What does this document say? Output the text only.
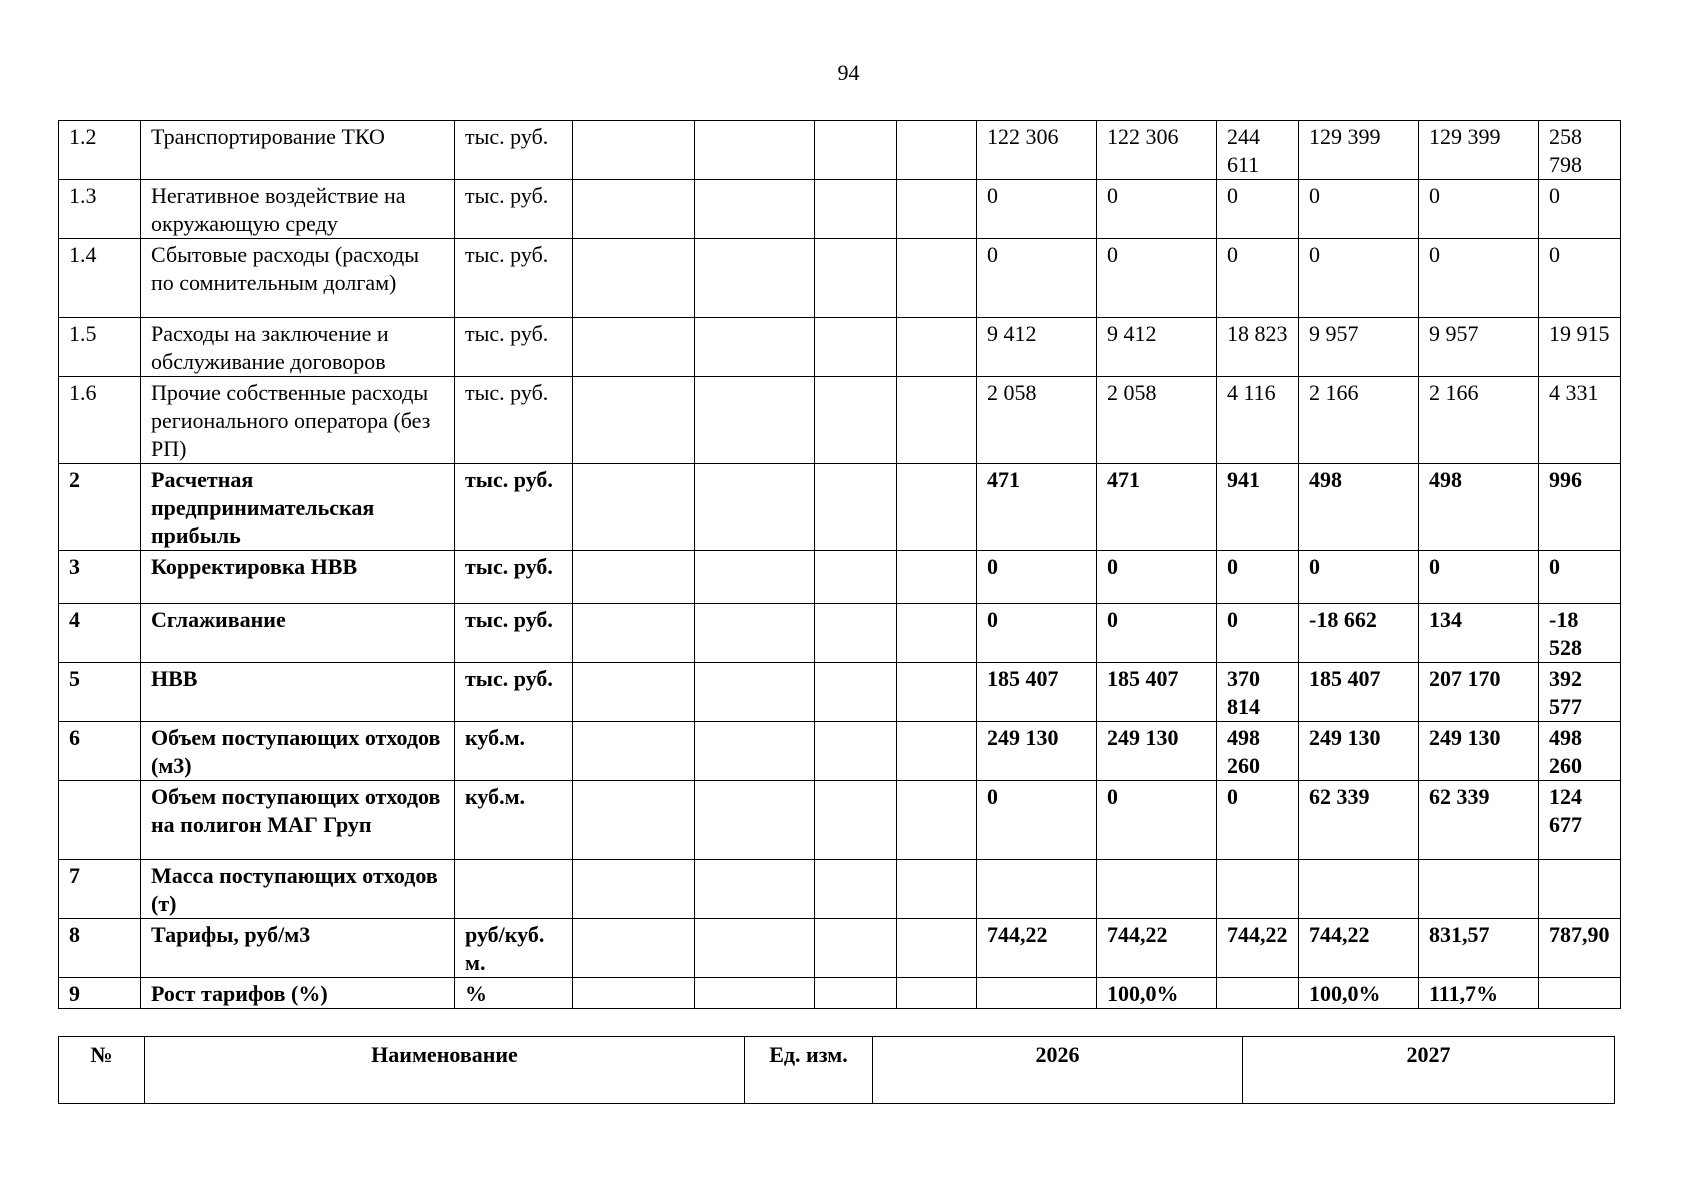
94
1.2	Транспортирование ТКО	тыс. руб.					122 306	122 306	244 611	129 399	129 399	258 798
1.3	Негативное воздействие на окружающую среду	тыс. руб.					0	0	0	0	0	0
1.4	Сбытовые расходы (расходы по сомнительным долгам)	тыс. руб.					0	0	0	0	0	0
1.5	Расходы на заключение и обслуживание договоров	тыс. руб.					9 412	9 412	18 823	9 957	9 957	19 915
1.6	Прочие собственные расходы регионального оператора (без РП)	тыс. руб.					2 058	2 058	4 116	2 166	2 166	4 331
2	Расчетная предпринимательская прибыль	тыс. руб.					471	471	941	498	498	996
3	Корректировка НВВ	тыс. руб.					0	0	0	0	0	0
4	Сглаживание	тыс. руб.					0	0	0	-18 662	134	-18 528
5	НВВ	тыс. руб.					185 407	185 407	370 814	185 407	207 170	392 577
6	Объем поступающих отходов (м3)	куб.м.					249 130	249 130	498 260	249 130	249 130	498 260
	Объем поступающих отходов на полигон МАГ Груп	куб.м.					0	0	0	62 339	62 339	124 677
7	Масса поступающих отходов (т)											
8	Тарифы, руб/м3	руб/куб. м.					744,22	744,22	744,22	744,22	831,57	787,90
9	Рост тарифов (%)	%						100,0%		100,0%	111,7%	
№	Наименование	Ед. изм.	2026	2027
